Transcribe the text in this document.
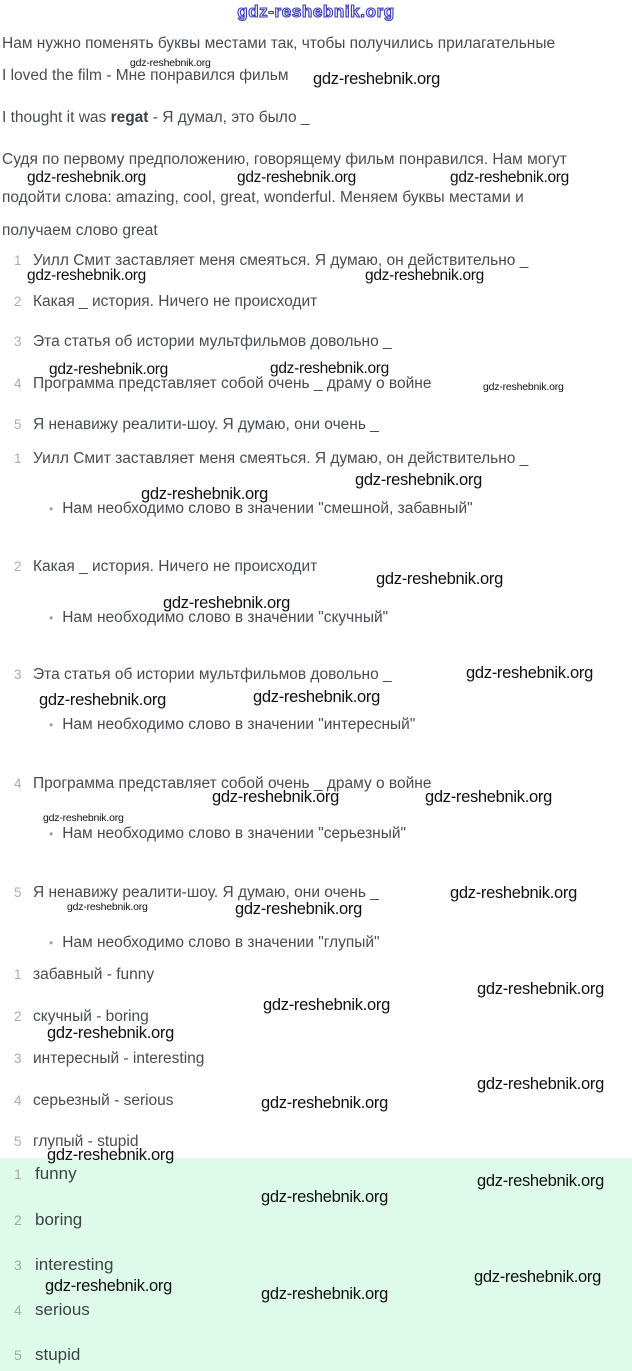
gdz-reshebnik.org
Нам нужно поменять буквы местами так, чтобы получились прилагательные
gdz-reshebnik.org
I loved the film - Мне понравился фильм gdz-reshebnik.org
I thought it was regat - Я думал, это было _
Судя по первому предположению, говорящему фильм понравился. Нам могут
gdz-reshebnik.org	gdz-reshebnik.org	gdz-reshebnik.org
подойти слова: amazing, cool, great, wonderful. Меняем буквы местами и
получаем слово great
1 Уилл Смит заставляет меня смеяться. Я думаю, он действительно _
gdz-reshebnik.org	gdz-reshebnik.org
2 Какая _ история. Ничего не происходит
3 Эта статья об истории мультфильмов довольно _
gdz-reshebnik.org	gdz-reshebnik.org
4 Программа представляет собой очень _ драму о войне	gdz-reshebnik.org
5 Я ненавижу реалити-шоу. Я думаю, они очень _
1 Уилл Смит заставляет меня смеяться. Я думаю, он действительно _
gdz-reshebnik.org
gdz-reshebnik.org
• Нам необходимо слово в значении "смешной, забавный"
2 Какая _ история. Ничего не происходит
gdz-reshebnik.org
gdz-reshebnik.org
• Нам необходимо слово в значении "скучный"
3 Эта статья об истории мультфильмов довольно _	gdz-reshebnik.org
gdz-reshebnik.org	gdz-reshebnik.org
• Нам необходимо слово в значении "интересный"
4 Программа представляет собой очень _ драму о войне
gdz-reshebnik.org	gdz-reshebnik.org
gdz-reshebnik.org
• Нам необходимо слово в значении "серьезный"
5 Я ненавижу реалити-шоу. Я думаю, они очень _	gdz-reshebnik.org
gdz-reshebnik.org	gdz-reshebnik.org
• Нам необходимо слово в значении "глупый"
1 забавный - funny
gdz-reshebnik.org
gdz-reshebnik.org
2 скучный - boring
gdz-reshebnik.org
3 интересный - interesting
gdz-reshebnik.org
4 серьезный - serious	gdz-reshebnik.org
5 глупый - stupid
gdz-reshebnik.org
1 funny	gdz-reshebnik.org
gdz-reshebnik.org
2 boring
3 interesting
gdz-reshebnik.org
gdz-reshebnik.org	gdz-reshebnik.org
4 serious
5 stupid
